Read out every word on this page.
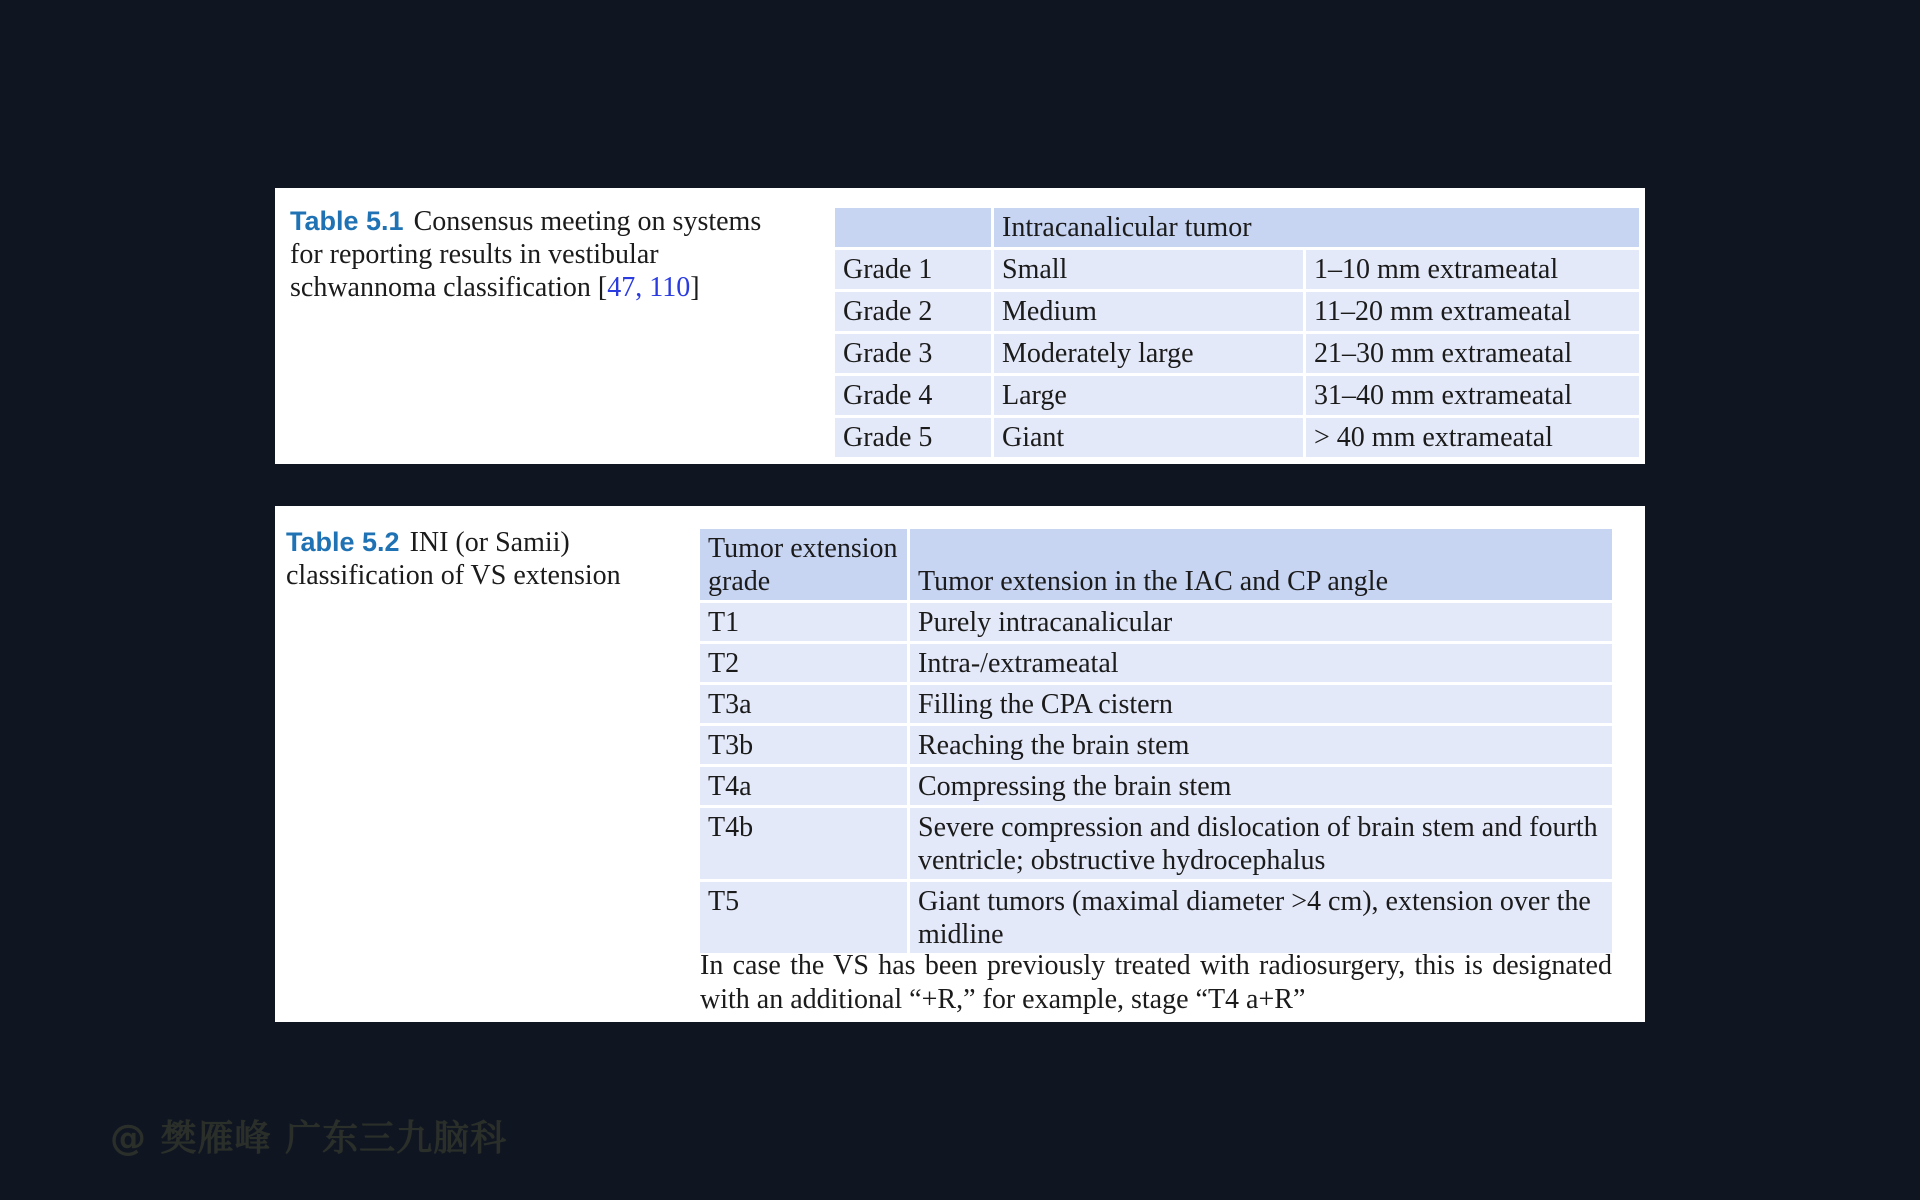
Table 5.1 Consensus meeting on systems for reporting results in vestibular schwannoma classification [47, 110]
	Intracanalicular tumor	
Grade 1	Small	1–10 mm extrameatal
Grade 2	Medium	11–20 mm extrameatal
Grade 3	Moderately large	21–30 mm extrameatal
Grade 4	Large	31–40 mm extrameatal
Grade 5	Giant	> 40 mm extrameatal
Table 5.2 INI (or Samii) classification of VS extension
Tumor extension grade	Tumor extension in the IAC and CP angle
T1	Purely intracanalicular
T2	Intra-/extrameatal
T3a	Filling the CPA cistern
T3b	Reaching the brain stem
T4a	Compressing the brain stem
T4b	Severe compression and dislocation of brain stem and fourth ventricle; obstructive hydrocephalus
T5	Giant tumors (maximal diameter >4 cm), extension over the midline
In case the VS has been previously treated with radiosurgery, this is designated with an additional “+R,” for example, stage “T4 a+R”
@ 樊雁峰 广东三九脑科
